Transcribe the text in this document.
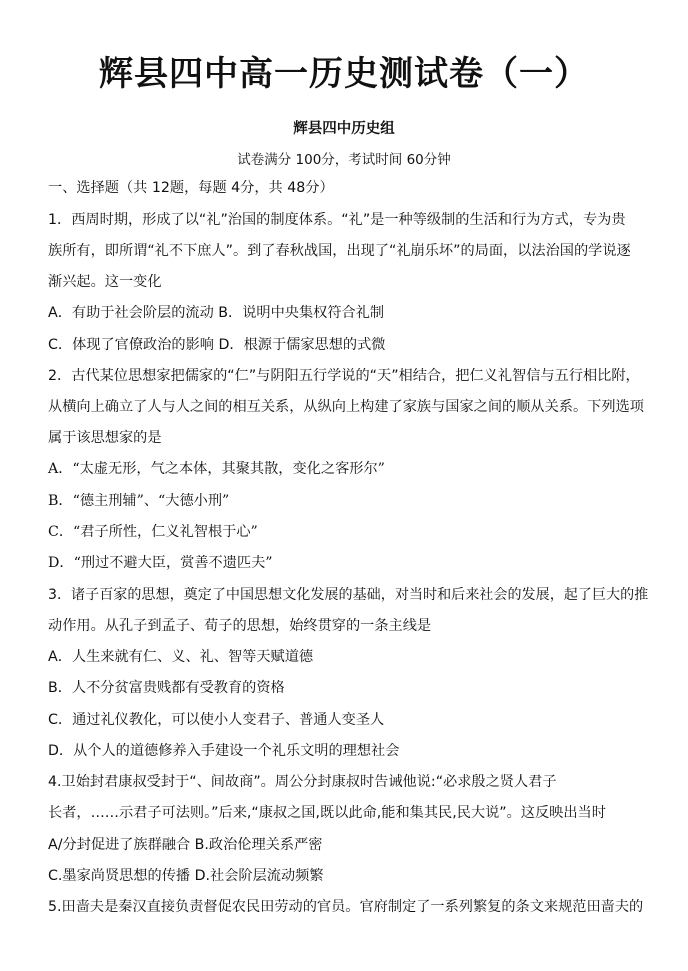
辉县四中高一历史测试卷（一）
辉县四中历史组
试卷满分 100分，考试时间 60分钟
一、选择题（共 12题，每题 4分，共 48分）
1．西周时期，形成了以“礼”治国的制度体系。“礼”是一种等级制的生活和行为方式，专为贵
族所有，即所谓“礼不下庶人”。到了春秋战国，出现了“礼崩乐坏”的局面，以法治国的学说逐
渐兴起。这一变化
A．有助于社会阶层的流动 B．说明中央集权符合礼制
C．体现了官僚政治的影响 D．根源于儒家思想的式微
2．古代某位思想家把儒家的“仁”与阴阳五行学说的“天”相结合，把仁义礼智信与五行相比附，
从横向上确立了人与人之间的相互关系，从纵向上构建了家族与国家之间的顺从关系。下列选项
属于该思想家的是
A．“太虚无形，气之本体，其聚其散，变化之客形尔”
B．“德主刑辅”、“大德小刑”
C．“君子所性，仁义礼智根于心”
D．“刑过不避大臣，赏善不遗匹夫”
3．诸子百家的思想，奠定了中国思想文化发展的基础，对当时和后来社会的发展，起了巨大的推
动作用。从孔子到孟子、荀子的思想，始终贯穿的一条主线是
A．人生来就有仁、义、礼、智等天赋道德
B．人不分贫富贵贱都有受教育的资格
C．通过礼仪教化，可以使小人变君子、普通人变圣人
D．从个人的道德修养入手建设一个礼乐文明的理想社会
4.卫始封君康叔受封于“、间故商”。周公分封康叔时告诫他说:“必求殷之贤人君子
长者，……示君子可法则。”后来,“康叔之国,既以此命,能和集其民,民大说”。这反映出当时
A/分封促进了族群融合 B.政治伦理关系严密
C.墨家尚贤思想的传播 D.社会阶层流动频繁
5.田啬夫是秦汉直接负责督促农民田劳动的官员。官府制定了一系列繁复的条文来规范田啬夫的
